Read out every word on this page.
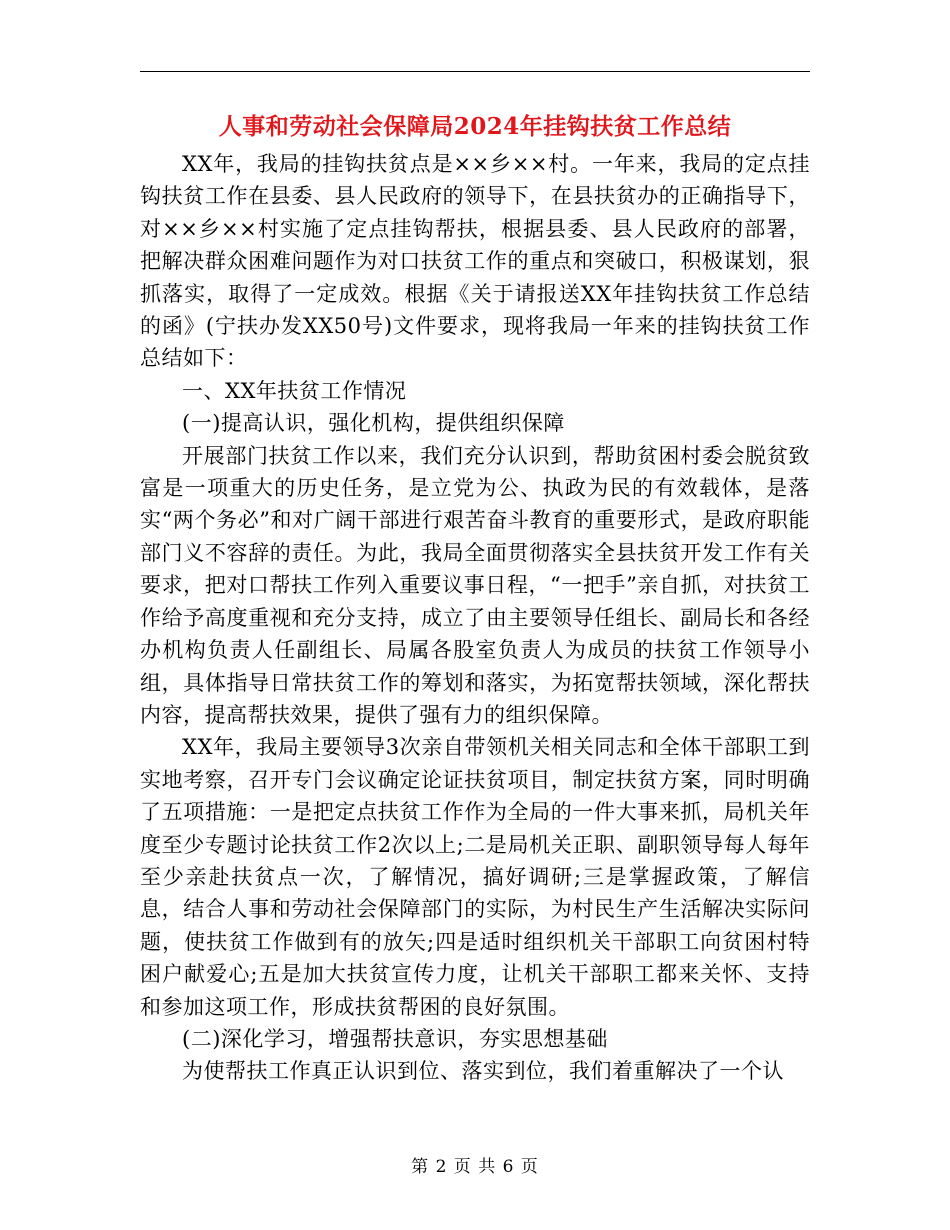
人事和劳动社会保障局2024年挂钩扶贫工作总结

XX年，我局的挂钩扶贫点是××乡××村。一年来，我局的定点挂钩扶贫工作在县委、县人民政府的领导下，在县扶贫办的正确指导下，对××乡××村实施了定点挂钩帮扶，根据县委、县人民政府的部署，把解决群众困难问题作为对口扶贫工作的重点和突破口，积极谋划，狠抓落实，取得了一定成效。根据《关于请报送XX年挂钩扶贫工作总结的函》(宁扶办发XX50号)文件要求，现将我局一年来的挂钩扶贫工作总结如下：

一、XX年扶贫工作情况

(一)提高认识，强化机构，提供组织保障

开展部门扶贫工作以来，我们充分认识到，帮助贫困村委会脱贫致富是一项重大的历史任务，是立党为公、执政为民的有效载体，是落实“两个务必”和对广阔干部进行艰苦奋斗教育的重要形式，是政府职能部门义不容辞的责任。为此，我局全面贯彻落实全县扶贫开发工作有关要求，把对口帮扶工作列入重要议事日程，“一把手”亲自抓，对扶贫工作给予高度重视和充分支持，成立了由主要领导任组长、副局长和各经办机构负责人任副组长、局属各股室负责人为成员的扶贫工作领导小组，具体指导日常扶贫工作的筹划和落实，为拓宽帮扶领域，深化帮扶内容，提高帮扶效果，提供了强有力的组织保障。

XX年，我局主要领导3次亲自带领机关相关同志和全体干部职工到实地考察，召开专门会议确定论证扶贫项目，制定扶贫方案，同时明确了五项措施：一是把定点扶贫工作作为全局的一件大事来抓，局机关年度至少专题讨论扶贫工作2次以上;二是局机关正职、副职领导每人每年至少亲赴扶贫点一次，了解情况，搞好调研;三是掌握政策，了解信息，结合人事和劳动社会保障部门的实际，为村民生产生活解决实际问题，使扶贫工作做到有的放矢;四是适时组织机关干部职工向贫困村特困户献爱心;五是加大扶贫宣传力度，让机关干部职工都来关怀、支持和参加这项工作，形成扶贫帮困的良好氛围。

(二)深化学习，增强帮扶意识，夯实思想基础

为使帮扶工作真正认识到位、落实到位，我们着重解决了一个认

第 2 页 共 6 页
